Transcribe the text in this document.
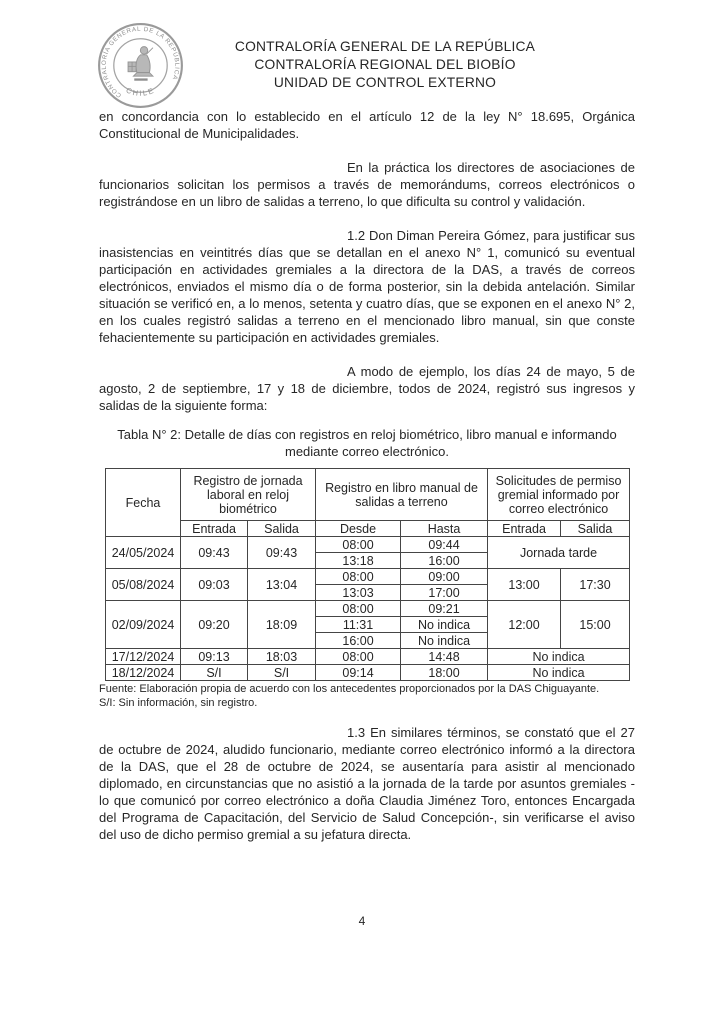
CONTRALORÍA GENERAL DE LA REPÚBLICA
CHILE
CONTRALORÍA GENERAL DE LA REPÚBLICA
CONTRALORÍA REGIONAL DEL BIOBÍO
UNIDAD DE CONTROL EXTERNO

en concordancia con lo establecido en el artículo 12 de la ley N° 18.695, Orgánica Constitucional de Municipalidades.

En la práctica los directores de asociaciones de funcionarios solicitan los permisos a través de memorándums, correos electrónicos o registrándose en un libro de salidas a terreno, lo que dificulta su control y validación.

1.2 Don Diman Pereira Gómez, para justificar sus inasistencias en veintitrés días que se detallan en el anexo N° 1, comunicó su eventual participación en actividades gremiales a la directora de la DAS, a través de correos electrónicos, enviados el mismo día o de forma posterior, sin la debida antelación. Similar situación se verificó en, a lo menos, setenta y cuatro días, que se exponen en el anexo N° 2, en los cuales registró salidas a terreno en el mencionado libro manual, sin que conste fehacientemente su participación en actividades gremiales.

A modo de ejemplo, los días 24 de mayo, 5 de agosto, 2 de septiembre, 17 y 18 de diciembre, todos de 2024, registró sus ingresos y salidas de la siguiente forma:

Tabla N° 2: Detalle de días con registros en reloj biométrico, libro manual e informando mediante correo electrónico.
Fecha	Registro de jornada laboral en reloj biométrico		Registro en libro manual de salidas a terreno		Solicitudes de permiso gremial informado por correo electrónico	
	Entrada	Salida	Desde	Hasta	Entrada	Salida
24/05/2024	09:43	09:43	08:00	09:44	Jornada tarde	
			13:18	16:00		
05/08/2024	09:03	13:04	08:00	09:00	13:00	17:30
			13:03	17:00		
02/09/2024	09:20	18:09	08:00	09:21	12:00	15:00
			11:31	No indica		
			16:00	No indica		
17/12/2024	09:13	18:03	08:00	14:48	No indica	
18/12/2024	S/I	S/I	09:14	18:00	No indica	

Fuente: Elaboración propia de acuerdo con los antecedentes proporcionados por la DAS Chiguayante.

S/I: Sin información, sin registro.

1.3 En similares términos, se constató que el 27 de octubre de 2024, aludido funcionario, mediante correo electrónico informó a la directora de la DAS, que el 28 de octubre de 2024, se ausentaría para asistir al mencionado diplomado, en circunstancias que no asistió a la jornada de la tarde por asuntos gremiales -lo que comunicó por correo electrónico a doña Claudia Jiménez Toro, entonces Encargada del Programa de Capacitación, del Servicio de Salud Concepción-, sin verificarse el aviso del uso de dicho permiso gremial a su jefatura directa.

4
